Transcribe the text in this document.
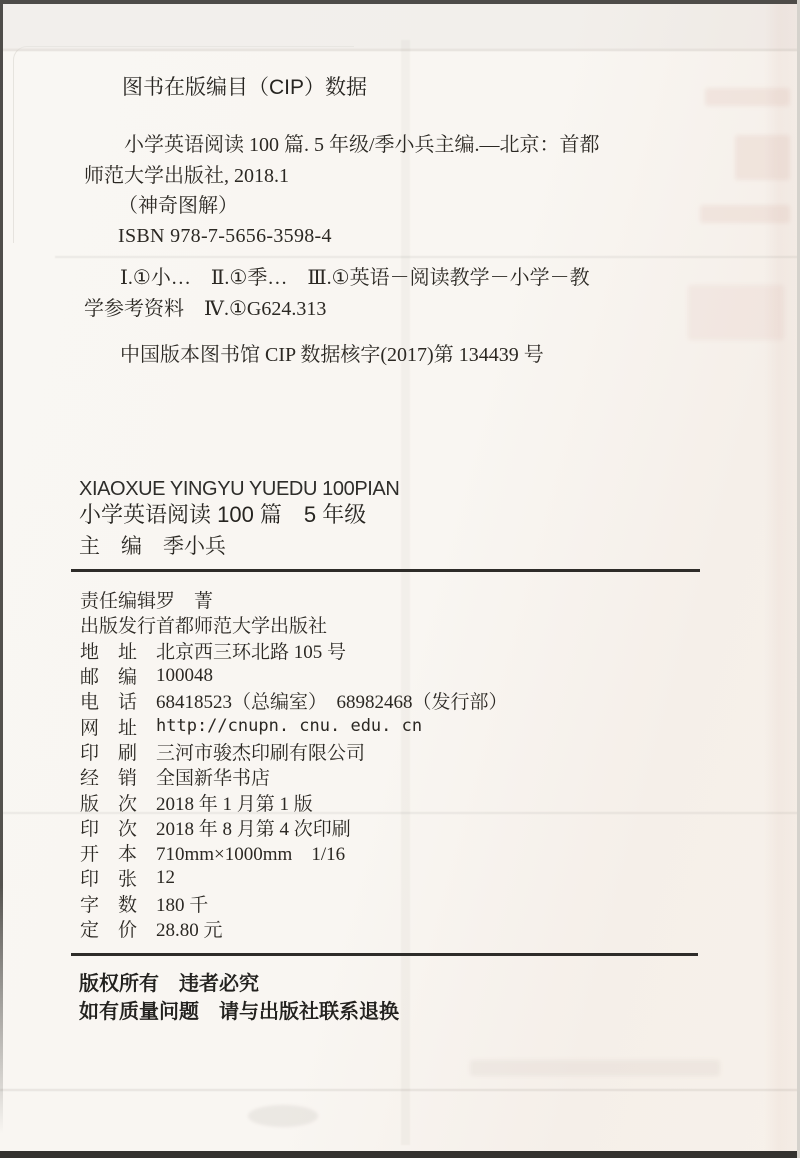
图书在版编目（CIP）数据
小学英语阅读 100 篇. 5 年级/季小兵主编.—北京：首都
师范大学出版社, 2018.1
（神奇图解）
ISBN 978-7-5656-3598-4
Ⅰ.①小…　Ⅱ.①季…　Ⅲ.①英语－阅读教学－小学－教
学参考资料　Ⅳ.①G624.313
中国版本图书馆 CIP 数据核字(2017)第 134439 号
XIAOXUE YINGYU YUEDU 100PIAN
小学英语阅读 100 篇　5 年级
主　编　季小兵
责任编辑 罗　菁
出版发行 首都师范大学出版社
地　址 北京西三环北路 105 号
邮　编 100048
电　话 68418523（总编室）　68982468（发行部）
网　址	http://cnupn. cnu. edu. cn
印　刷 三河市骏杰印刷有限公司
经　销 全国新华书店
版　次 2018 年 1 月第 1 版
印　次 2018 年 8 月第 4 次印刷
开　本 710mm×1000mm　1/16
印　张 12
字　数 180 千
定　价 28.80 元
版权所有　违者必究
如有质量问题　请与出版社联系退换
